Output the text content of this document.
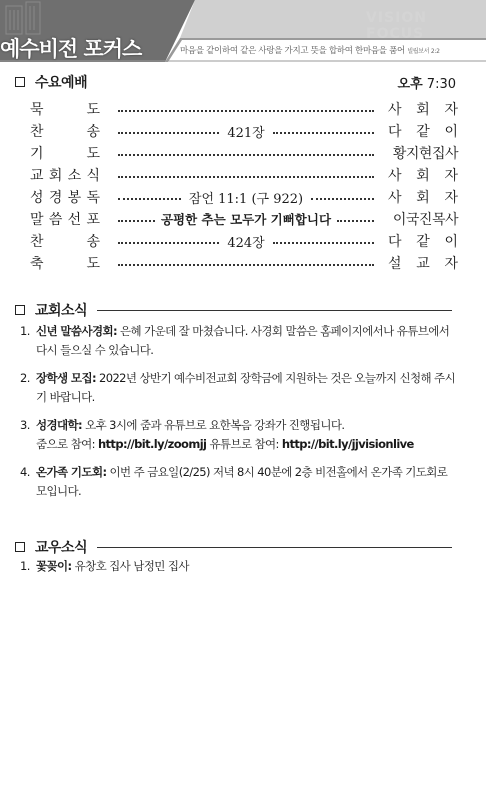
VISION FOCUS
예수비전 포커스	마음을 같이하여 같은 사랑을 가지고 뜻을 합하여 한마음을 품어 빌립보서 2:2
수요예배	오후 7:30
묵	도	사 회 자
찬	송	421장	다 같 이
기	도	황지현집사
교 회 소 식	사 회 자
성 경 봉 독	잠언 11:1 (구 922)	사 회 자
말 씀 선 포	공평한 추는 모두가 기뻐합니다	이국진목사
찬	송	424장	다 같 이
축	도	설 교 자
교회소식
1. 신년 말씀사경회: 은혜 가운데 잘 마쳤습니다. 사경회 말씀은 홈페이지에서나 유튜브에서 다시 들으실 수 있습니다.
2. 장학생 모집: 2022년 상반기 예수비전교회 장학금에 지원하는 것은 오늘까지 신청해 주시기 바랍니다.
3. 성경대학: 오후 3시에 줌과 유튜브로 요한복음 강좌가 진행됩니다.
줌으로 참여: http://bit.ly/zoomjj 유튜브로 참여: http://bit.ly/jjvisionlive
4. 온가족 기도회: 이번 주 금요일(2/25) 저녁 8시 40분에 2층 비전홀에서 온가족 기도회로 모입니다.
교우소식
1. 꽃꽂이: 유창호 집사 남정민 집사
